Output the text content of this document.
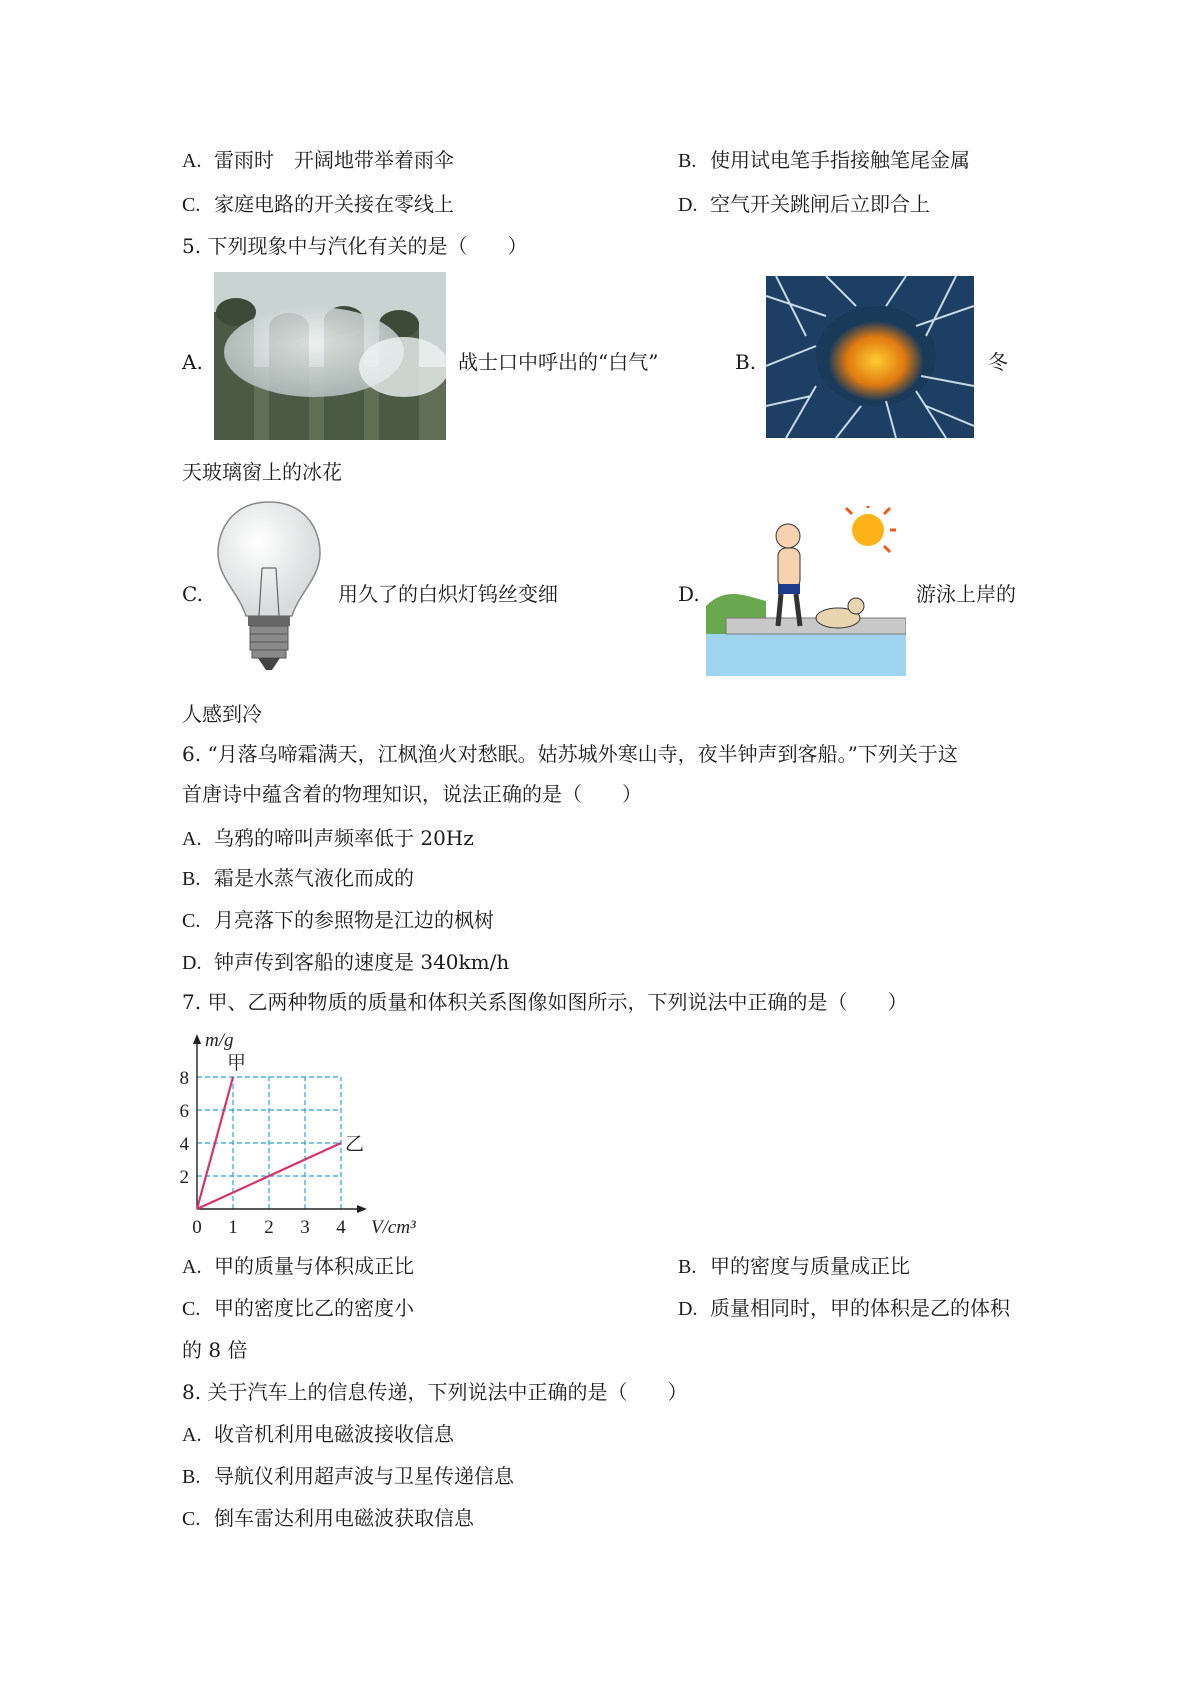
A. 雷雨时　开阔地带举着雨伞	B. 使用试电笔手指接触笔尾金属
C. 家庭电路的开关接在零线上	D. 空气开关跳闸后立即合上
5. 下列现象中与汽化有关的是（　　）
A.	战士口中呼出的“白气”	B.	冬
天玻璃窗上的冰花
C.	用久了的白炽灯钨丝变细	D.	游泳上岸的
人感到冷
6. “月落乌啼霜满天，江枫渔火对愁眠。姑苏城外寒山寺，夜半钟声到客船。”下列关于这
首唐诗中蕴含着的物理知识，说法正确的是（　　）
A. 乌鸦的啼叫声频率低于 20Hz
B. 霜是水蒸气液化而成的
C. 月亮落下的参照物是江边的枫树
D. 钟声传到客船的速度是 340km/h
7. 甲、乙两种物质的质量和体积关系图像如图所示，下列说法中正确的是（　　）
0 1 2 3 4
2
4
6
8
m/g
V/cm³
甲
乙
A. 甲的质量与体积成正比	B. 甲的密度与质量成正比
C. 甲的密度比乙的密度小	D. 质量相同时，甲的体积是乙的体积
的 8 倍
8. 关于汽车上的信息传递，下列说法中正确的是（　　）
A. 收音机利用电磁波接收信息
B. 导航仪利用超声波与卫星传递信息
C. 倒车雷达利用电磁波获取信息
